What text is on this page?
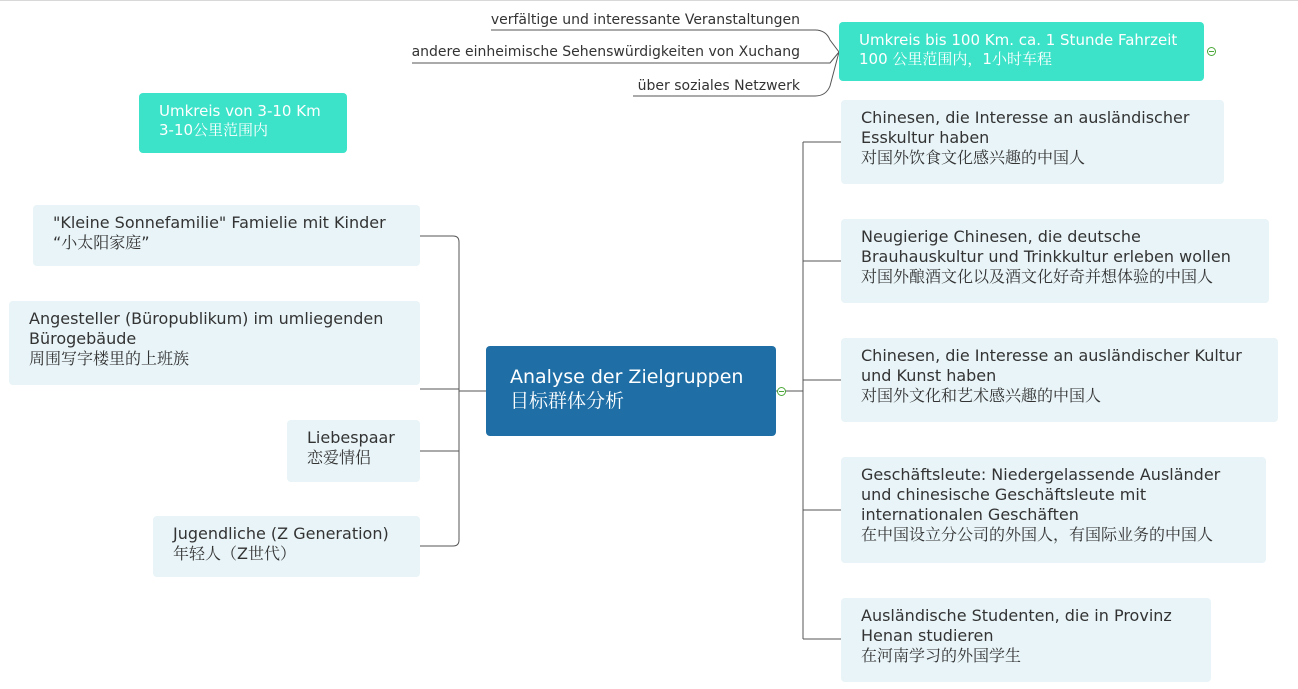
Analyse der Zielgruppen
目标群体分析
Umkreis bis 100 Km. ca. 1 Stunde Fahrzeit
100 公里范围内，1小时车程
Umkreis von 3-10 Km
3-10公里范围内
verfältige und interessante Veranstaltungen
andere einheimische Sehenswürdigkeiten von Xuchang
über soziales Netzwerk
Chinesen, die Interesse an ausländischer
Esskultur haben
对国外饮食文化感兴趣的中国人
Neugierige Chinesen, die deutsche
Brauhauskultur und Trinkkultur erleben wollen
对国外酿酒文化以及酒文化好奇并想体验的中国人
Chinesen, die Interesse an ausländischer Kultur
und Kunst haben
对国外文化和艺术感兴趣的中国人
Geschäftsleute: Niedergelassende Ausländer
und chinesische Geschäftsleute mit
internationalen Geschäften
在中国设立分公司的外国人，有国际业务的中国人
Ausländische Studenten, die in Provinz
Henan studieren
在河南学习的外国学生
"Kleine Sonnefamilie" Famielie mit Kinder
“小太阳家庭”
Angesteller (Büropublikum) im umliegenden
Bürogebäude
周围写字楼里的上班族
Liebespaar
恋爱情侣
Jugendliche (Z Generation)
年轻人（Z世代）
